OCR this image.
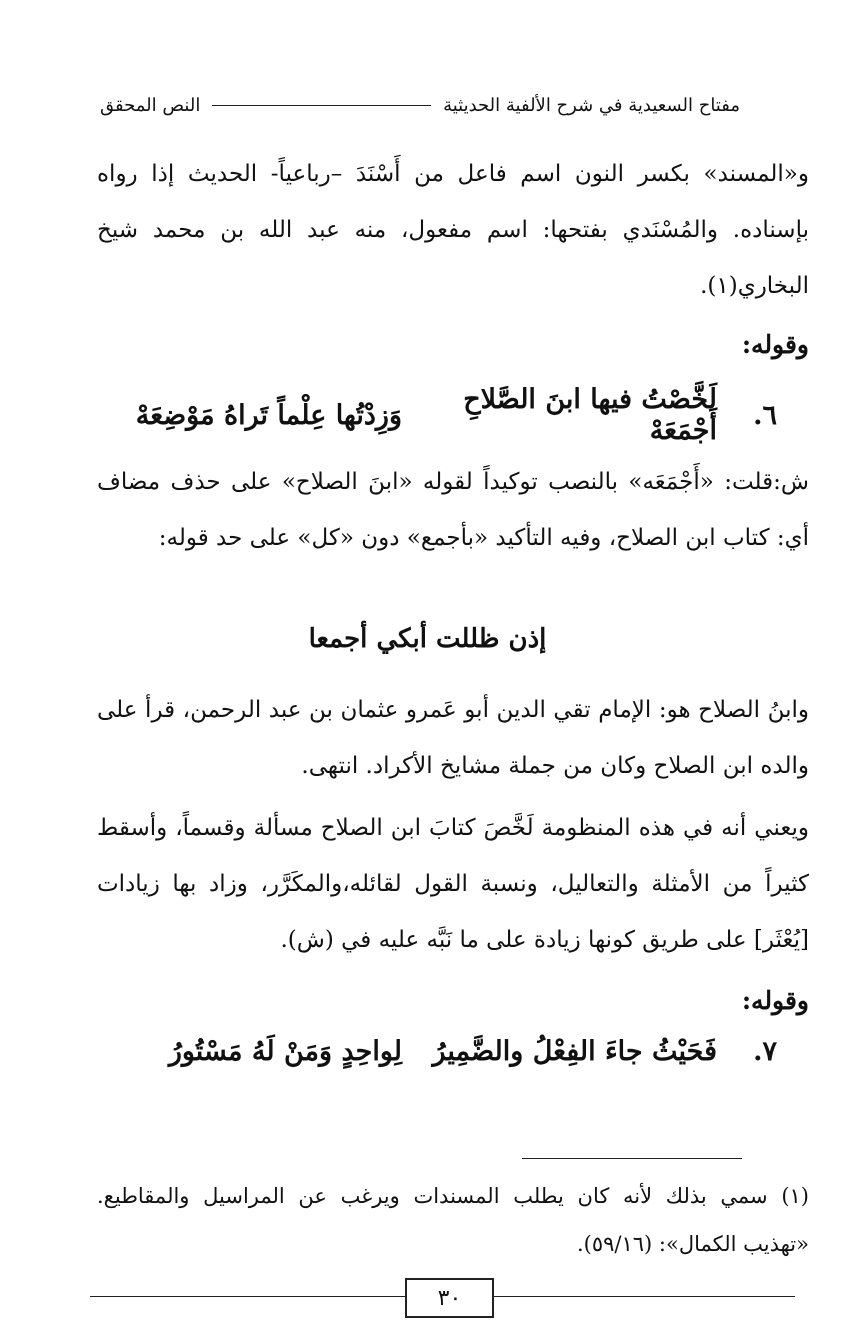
مفتاح السعيدية في شرح الألفية الحديثية
النص المحقق
و«المسند» بكسر النون اسم فاعل من أَسْنَدَ –رباعياً- الحديث إذا رواه بإسناده. والمُسْنَدي بفتحها: اسم مفعول، منه عبد الله بن محمد شيخ البخاري(١).
وقوله:
٦.
لَخَّصْتُ فيها ابنَ الصَّلاحِ أَجْمَعَهْ
وَزِدْتُها عِلْماً تَراهُ مَوْضِعَهْ
ش:قلت: «أَجْمَعَه» بالنصب توكيداً لقوله «ابنَ الصلاح» على حذف مضاف أي: كتاب ابن الصلاح، وفيه التأكيد «بأجمع» دون «كل» على حد قوله:
إذن ظللت أبكي أجمعا
وابنُ الصلاح هو: الإمام تقي الدين أبو عَمرو عثمان بن عبد الرحمن، قرأ على والده ابن الصلاح وكان من جملة مشايخ الأكراد. انتهى.
ويعني أنه في هذه المنظومة لَخَّصَ كتابَ ابن الصلاح مسألة وقسماً، وأسقط كثيراً من الأمثلة والتعاليل، ونسبة القول لقائله،والمكَرَّر، وزاد بها زيادات [يُعْثَر] على طريق كونها زيادة على ما نَبَّه عليه في (ش).
وقوله:
٧.
فَحَيْثُ جاءَ الفِعْلُ والضَّمِيرُ
لِواحِدٍ وَمَنْ لَهُ مَسْتُورُ
(١) سمي بذلك لأنه كان يطلب المسندات ويرغب عن المراسيل والمقاطيع. «تهذيب الكمال»: (٥٩/١٦).
٣٠
